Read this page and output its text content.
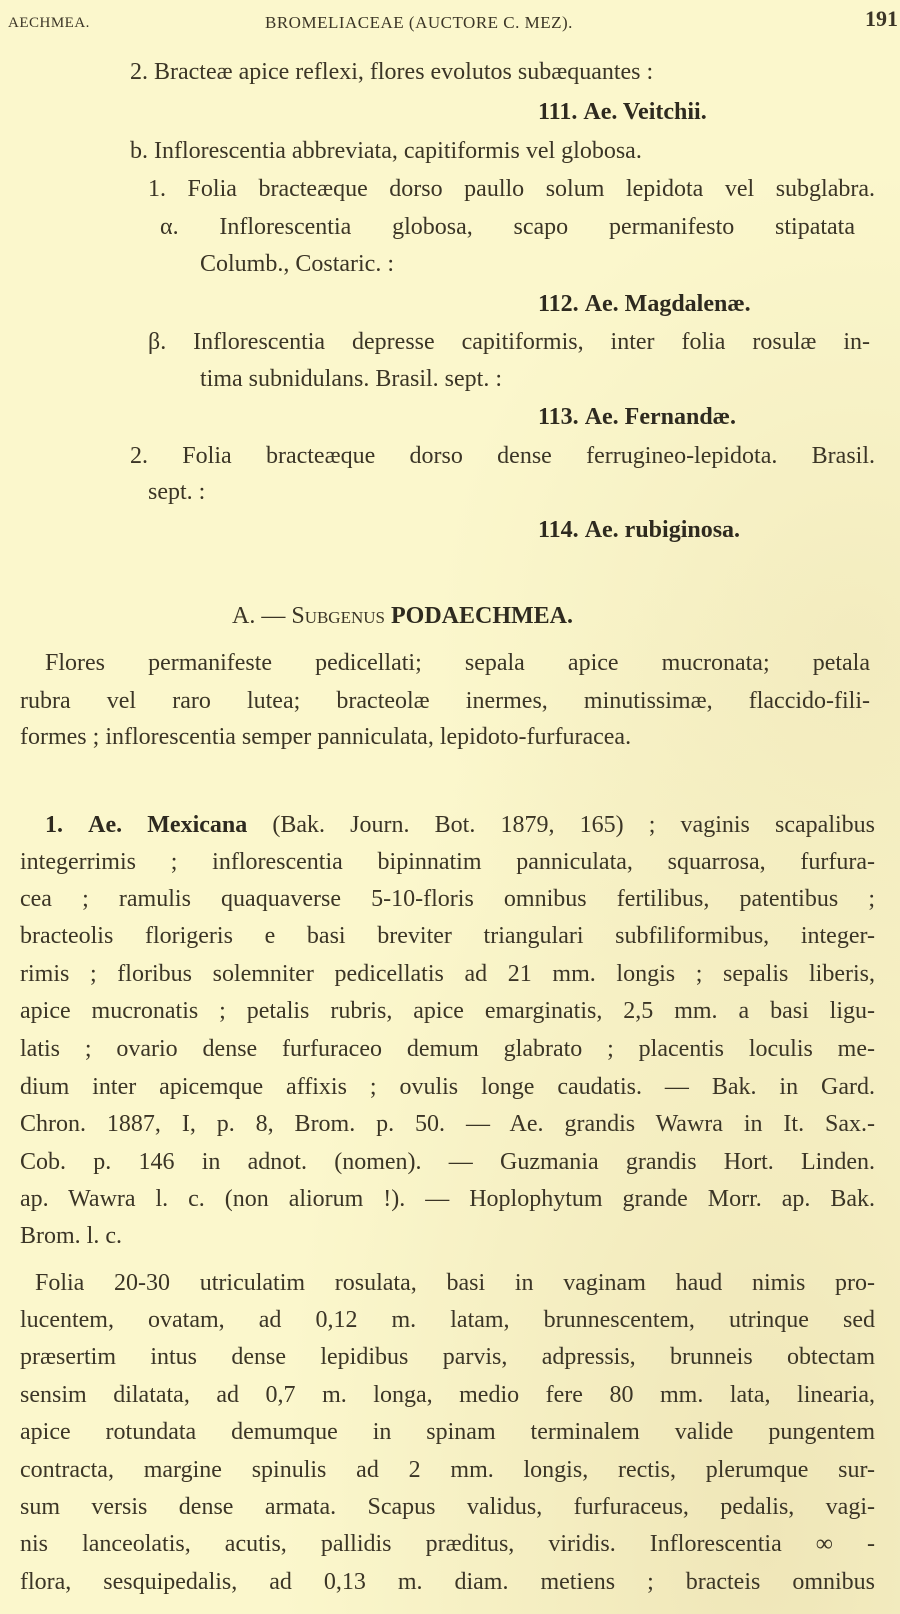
AECHMEA.	BROMELIACEAE (AUCTORE C. MEZ).	191
2. Bracteæ apice reflexi, flores evolutos subæquantes :
111. Ae. Veitchii.
b. Inflorescentia abbreviata, capitiformis vel globosa.
1. Folia bracteæque dorso paullo solum lepidota vel subglabra.
α. Inflorescentia globosa, scapo permanifesto stipatata
Columb., Costaric. :
112. Ae. Magdalenæ.
β. Inflorescentia depresse capitiformis, inter folia rosulæ in-
tima subnidulans. Brasil. sept. :
113. Ae. Fernandæ.
2. Folia bracteæque dorso dense ferrugineo-lepidota. Brasil.
sept. :
114. Ae. rubiginosa.
A. — Subgenus PODAECHMEA.
Flores permanifeste pedicellati; sepala apice mucronata; petala
rubra vel raro lutea; bracteolæ inermes, minutissimæ, flaccido-fili-
formes ; inflorescentia semper panniculata, lepidoto-furfuracea.
1. Ae. Mexicana (Bak. Journ. Bot. 1879, 165) ; vaginis scapalibus
integerrimis ; inflorescentia bipinnatim panniculata, squarrosa, furfura-
cea ; ramulis quaquaverse 5-10-floris omnibus fertilibus, patentibus ;
bracteolis florigeris e basi breviter triangulari subfiliformibus, integer-
rimis ; floribus solemniter pedicellatis ad 21 mm. longis ; sepalis liberis,
apice mucronatis ; petalis rubris, apice emarginatis, 2,5 mm. a basi ligu-
latis ; ovario dense furfuraceo demum glabrato ; placentis loculis me-
dium inter apicemque affixis ; ovulis longe caudatis. — Bak. in Gard.
Chron. 1887, I, p. 8, Brom. p. 50. — Ae. grandis Wawra in It. Sax.-
Cob. p. 146 in adnot. (nomen). — Guzmania grandis Hort. Linden.
ap. Wawra l. c. (non aliorum !). — Hoplophytum grande Morr. ap. Bak.
Brom. l. c.
Folia 20-30 utriculatim rosulata, basi in vaginam haud nimis pro-
lucentem, ovatam, ad 0,12 m. latam, brunnescentem, utrinque sed
præsertim intus dense lepidibus parvis, adpressis, brunneis obtectam
sensim dilatata, ad 0,7 m. longa, medio fere 80 mm. lata, linearia,
apice rotundata demumque in spinam terminalem valide pungentem
contracta, margine spinulis ad 2 mm. longis, rectis, plerumque sur-
sum versis dense armata. Scapus validus, furfuraceus, pedalis, vagi-
nis lanceolatis, acutis, pallidis præditus, viridis. Inflorescentia ∞ -
flora, sesquipedalis, ad 0,13 m. diam. metiens ; bracteis omnibus
